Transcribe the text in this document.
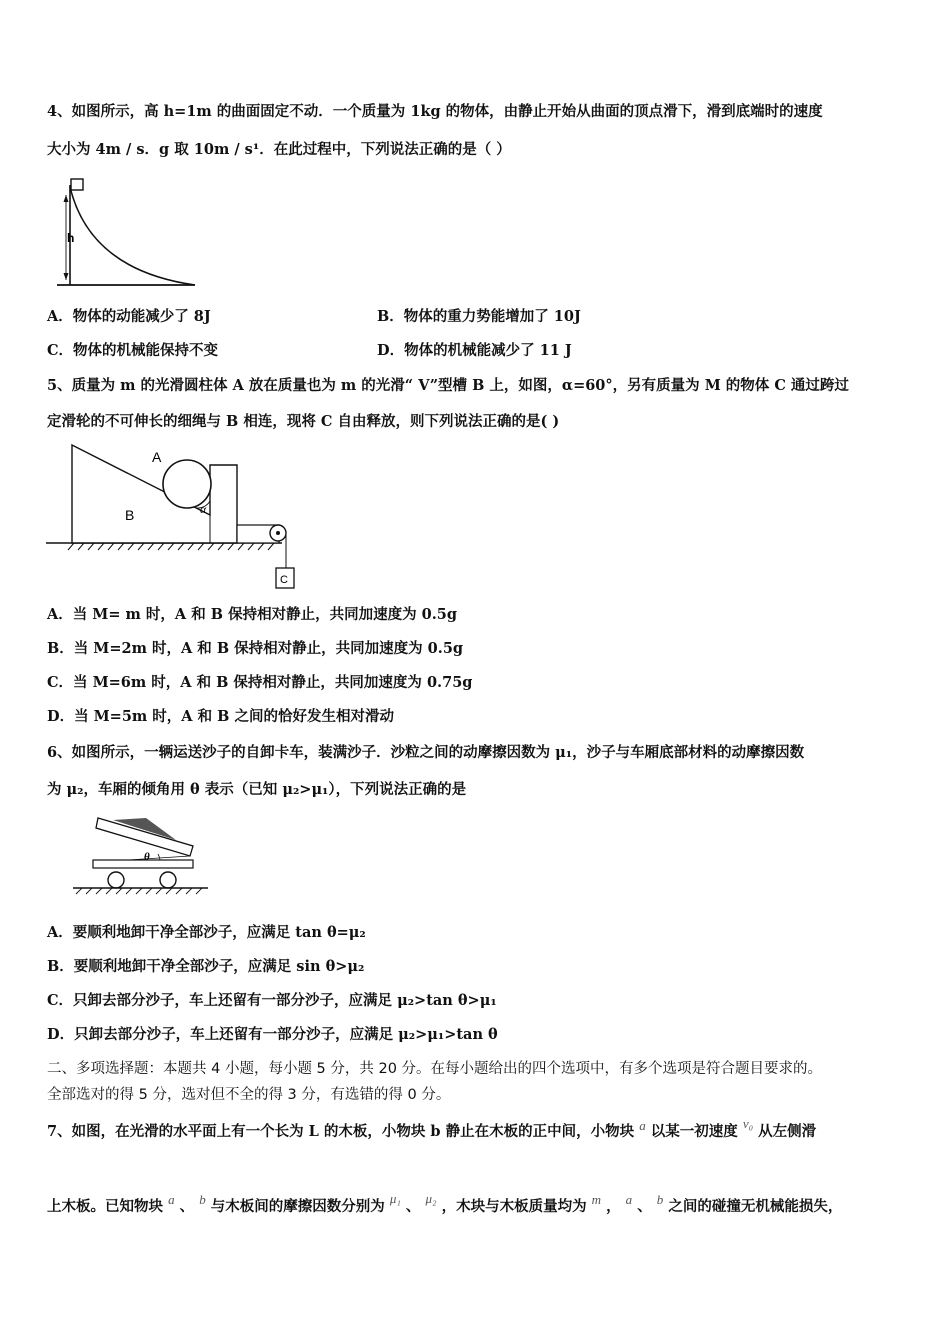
4、如图所示，高 h=1m 的曲面固定不动．一个质量为 1kg 的物体，由静止开始从曲面的顶点滑下，滑到底端时的速度
大小为 4m / s．g 取 10m / s¹．在此过程中，下列说法正确的是（ ）
h
A．物体的动能减少了 8J	B．物体的重力势能增加了 10J
C．物体的机械能保持不变	D．物体的机械能减少了 11 J
5、质量为 m 的光滑圆柱体 A 放在质量也为 m 的光滑“ V”型槽 B 上，如图，α=60°，另有质量为 M 的物体 C 通过跨过
定滑轮的不可伸长的细绳与 B 相连，现将 C 自由释放，则下列说法正确的是( )
A
B	α
C
A．当 M= m 时，A 和 B 保持相对静止，共同加速度为 0.5g
B．当 M=2m 时，A 和 B 保持相对静止，共同加速度为 0.5g
C．当 M=6m 时，A 和 B 保持相对静止，共同加速度为 0.75g
D．当 M=5m 时，A 和 B 之间的恰好发生相对滑动
6、如图所示，一辆运送沙子的自卸卡车，装满沙子．沙粒之间的动摩擦因数为 μ₁，沙子与车厢底部材料的动摩擦因数
为 μ₂，车厢的倾角用 θ 表示（已知 μ₂>μ₁），下列说法正确的是
θ
A．要顺利地卸干净全部沙子，应满足 tan θ=μ₂
B．要顺利地卸干净全部沙子，应满足 sin θ>μ₂
C．只卸去部分沙子，车上还留有一部分沙子，应满足 μ₂>tan θ>μ₁
D．只卸去部分沙子，车上还留有一部分沙子，应满足 μ₂>μ₁>tan θ
二、多项选择题：本题共 4 小题，每小题 5 分，共 20 分。在每小题给出的四个选项中，有多个选项是符合题目要求的。
全部选对的得 5 分，选对但不全的得 3 分，有选错的得 0 分。
7、如图，在光滑的水平面上有一个长为 L 的木板，小物块 b 静止在木板的正中间，小物块 a 以某一初速度 v₀ 从左侧滑
上木板。已知物块 a 、 b 与木板间的摩擦因数分别为 μ₁ 、 μ₂ ，木块与木板质量均为 m ， a 、 b 之间的碰撞无机械能损失，
